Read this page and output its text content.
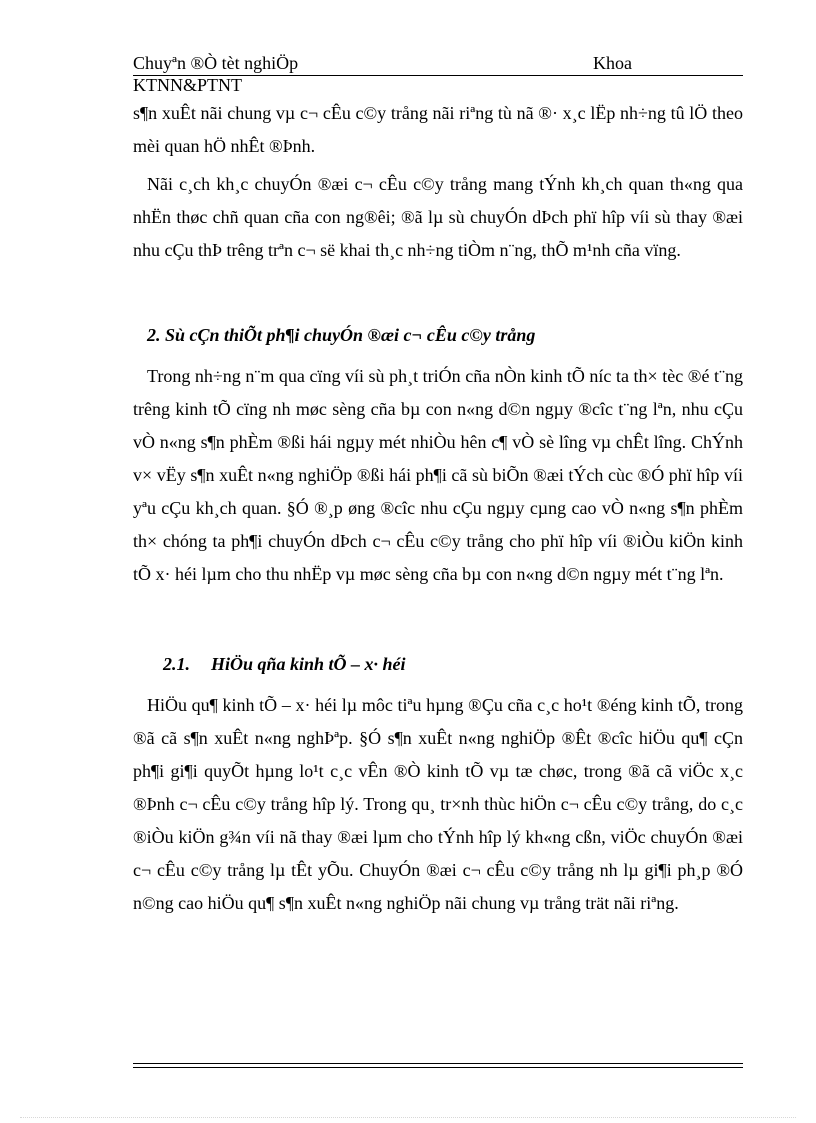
Chuyªn ®Ò tèt nghiÖp	Khoa
KTNN&PTNT

s¶n xuÊt nãi chung vµ c¬ cÊu c©y trång nãi riªng tù nã ®· x¸c lËp nh÷ng tû lÖ theo mèi quan hÖ nhÊt ®Þnh.

Nãi c¸ch kh¸c chuyÓn ®æi c¬ cÊu c©y trång mang tÝnh kh¸ch quan th«ng qua nhËn thøc chñ quan cña con ng®êi; ®ã lµ sù chuyÓn dÞch phï hîp víi sù thay ®æi nhu cÇu thÞ trêng trªn c¬ së khai th¸c nh÷ng tiÒm n¨ng, thÕ m¹nh cña vïng.

2. Sù cÇn thiÕt ph¶i chuyÓn ®æi c¬ cÊu c©y trång

Trong nh÷ng n¨m qua cïng víi sù ph¸t triÓn cña nÒn kinh tÕ níc ta th× tèc ®é t¨ng trêng kinh tÕ cïng nh møc sèng cña bµ con n«ng d©n ngµy ®cîc t¨ng lªn, nhu cÇu vÒ n«ng s¶n phÈm ®ßi hái ngµy mét nhiÒu hên c¶ vÒ sè lîng vµ chÊt lîng. ChÝnh v× vËy s¶n xuÊt n«ng nghiÖp ®ßi hái ph¶i cã sù biÕn ®æi tÝch cùc ®Ó phï hîp víi yªu cÇu kh¸ch quan. §Ó ®¸p øng ®cîc nhu cÇu ngµy cµng cao vÒ n«ng s¶n phÈm th× chóng ta ph¶i chuyÓn dÞch c¬ cÊu c©y trång cho phï hîp víi ®iÒu kiÖn kinh tÕ x· héi lµm cho thu nhËp vµ møc sèng cña bµ con n«ng d©n ngµy mét t¨ng lªn.

2.1. HiÖu qña kinh tÕ – x· héi

HiÖu qu¶ kinh tÕ – x· héi lµ môc tiªu hµng ®Çu cña c¸c ho¹t ®éng kinh tÕ, trong ®ã cã s¶n xuÊt n«ng nghÞªp. §Ó s¶n xuÊt n«ng nghiÖp ®Êt ®cîc hiÖu qu¶ cÇn ph¶i gi¶i quyÕt hµng lo¹t c¸c vÊn ®Ò kinh tÕ vµ tæ chøc, trong ®ã cã viÖc x¸c ®Þnh c¬ cÊu c©y trång hîp lý. Trong qu¸ tr×nh thùc hiÖn c¬ cÊu c©y trång, do c¸c ®iÒu kiÖn g¾n víi nã thay ®æi lµm cho tÝnh hîp lý kh«ng cßn, viÖc chuyÓn ®æi c¬ cÊu c©y trång lµ tÊt yÕu. ChuyÓn ®æi c¬ cÊu c©y trång nh lµ gi¶i ph¸p ®Ó n©ng cao hiÖu qu¶ s¶n xuÊt n«ng nghiÖp nãi chung vµ trång trät nãi riªng.
